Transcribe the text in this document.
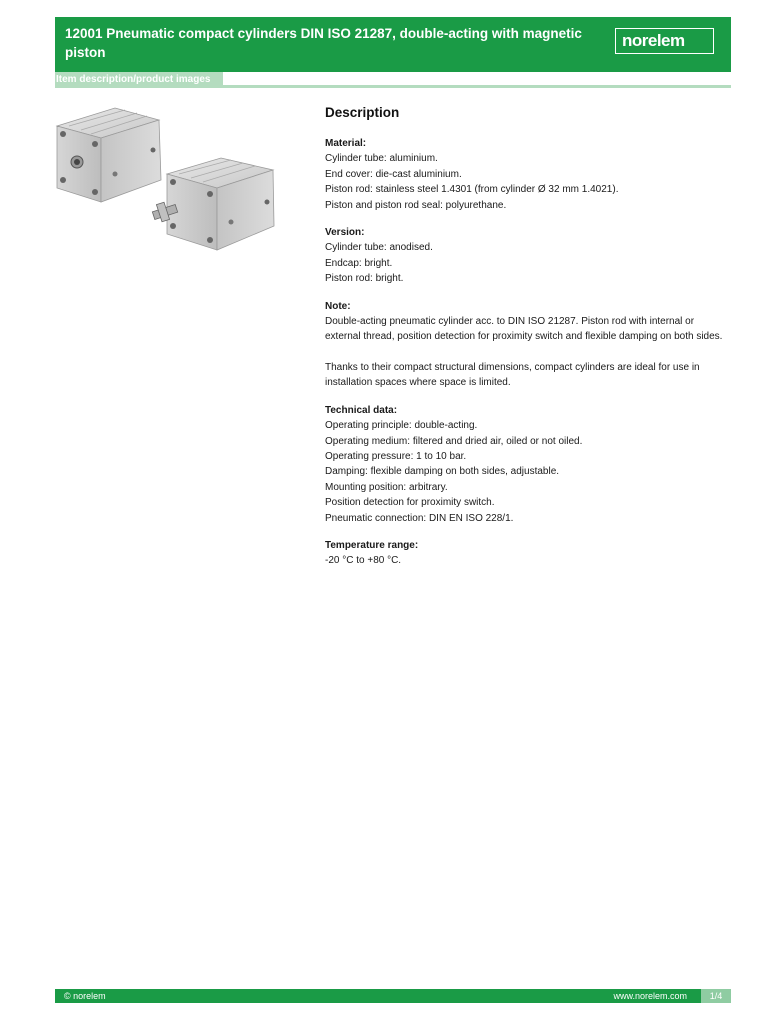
12001 Pneumatic compact cylinders DIN ISO 21287, double-acting with magnetic piston
norelem
Item description/product images
Description
Material:
Cylinder tube: aluminium.
End cover: die-cast aluminium.
Piston rod: stainless steel 1.4301 (from cylinder Ø 32 mm 1.4021).
Piston and piston rod seal: polyurethane.
Version:
Cylinder tube: anodised.
Endcap: bright.
Piston rod: bright.
Note:
Double-acting pneumatic cylinder acc. to DIN ISO 21287. Piston rod with internal or external thread, position detection for proximity switch and flexible damping on both sides.
Thanks to their compact structural dimensions, compact cylinders are ideal for use in installation spaces where space is limited.
Technical data:
Operating principle: double-acting.
Operating medium: filtered and dried air, oiled or not oiled.
Operating pressure: 1 to 10 bar.
Damping: flexible damping on both sides, adjustable.
Mounting position: arbitrary.
Position detection for proximity switch.
Pneumatic connection: DIN EN ISO 228/1.
Temperature range:
-20 °C to +80 °C.
© norelem	www.norelem.com	1/4
